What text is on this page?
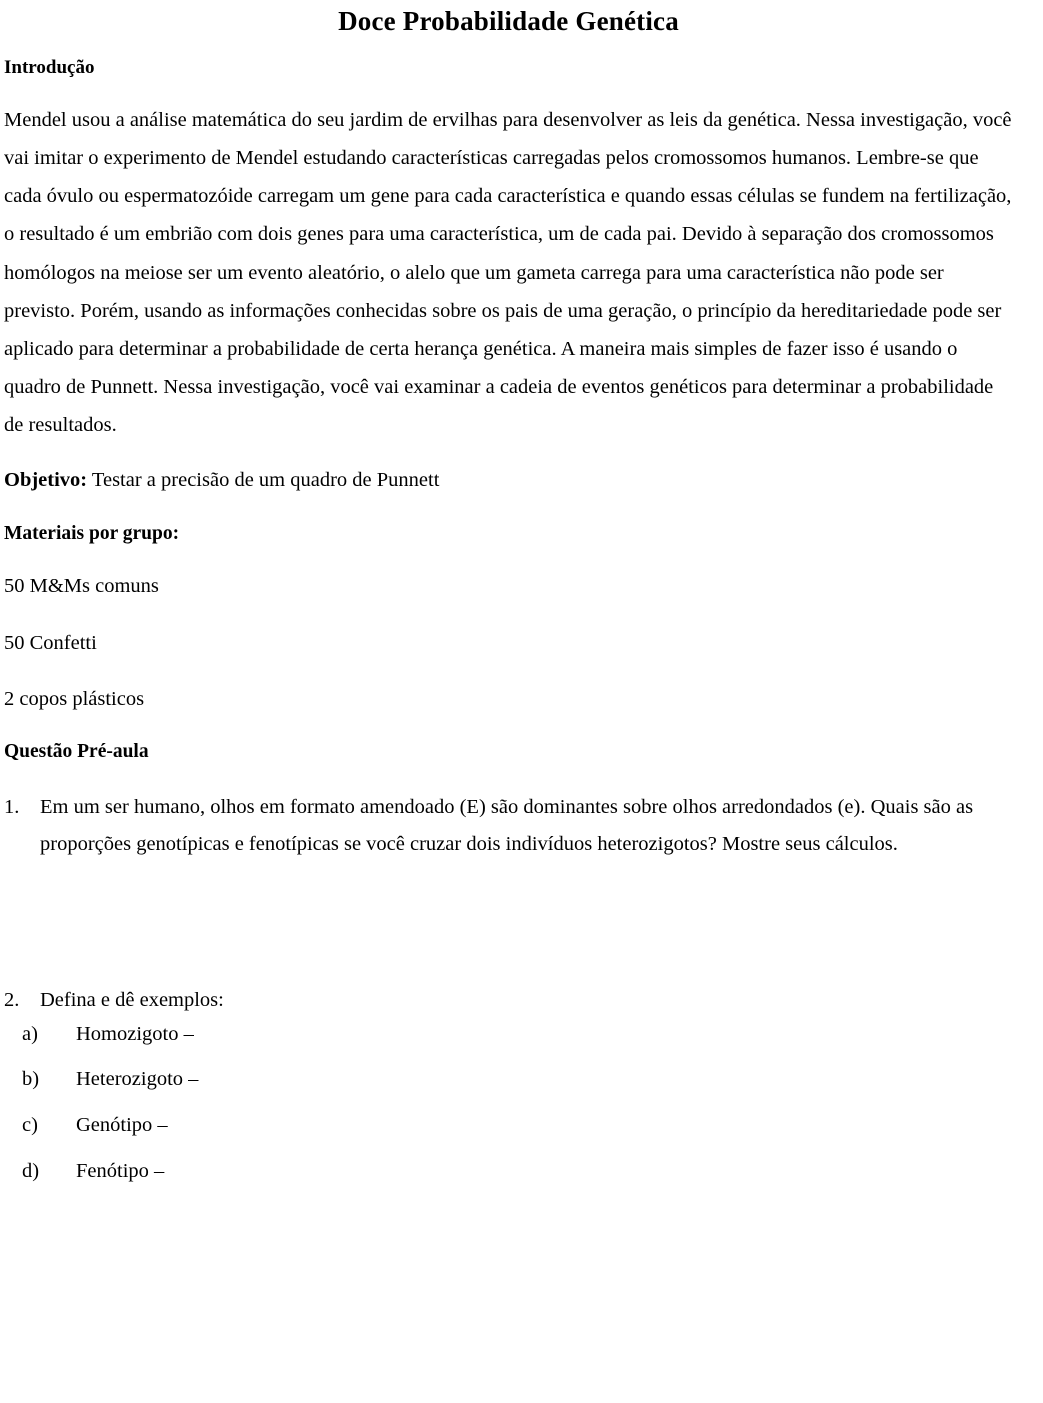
Doce Probabilidade Genética
Introdução

Mendel usou a análise matemática do seu jardim de ervilhas para desenvolver as leis da genética. Nessa investigação, você vai imitar o experimento de Mendel estudando características carregadas pelos cromossomos humanos. Lembre-se que cada óvulo ou espermatozóide carregam um gene para cada característica e quando essas células se fundem na fertilização, o resultado é um embrião com dois genes para uma característica, um de cada pai. Devido à separação dos cromossomos homólogos na meiose ser um evento aleatório, o alelo que um gameta carrega para uma característica não pode ser previsto. Porém, usando as informações conhecidas sobre os pais de uma geração, o princípio da hereditariedade pode ser aplicado para determinar a probabilidade de certa herança genética. A maneira mais simples de fazer isso é usando o quadro de Punnett. Nessa investigação, você vai examinar a cadeia de eventos genéticos para determinar a probabilidade de resultados.

Objetivo: Testar a precisão de um quadro de Punnett

Materiais por grupo:

50 M&Ms comuns

50 Confetti

2 copos plásticos

Questão Pré-aula
1.	Em um ser humano, olhos em formato amendoado (E) são dominantes sobre olhos arredondados (e). Quais são as proporções genotípicas e fenotípicas se você cruzar dois indivíduos heterozigotos? Mostre seus cálculos.
2.	Defina e dê exemplos:
a)	Homozigoto –
b)	Heterozigoto –
c)	Genótipo –
d)	Fenótipo –
